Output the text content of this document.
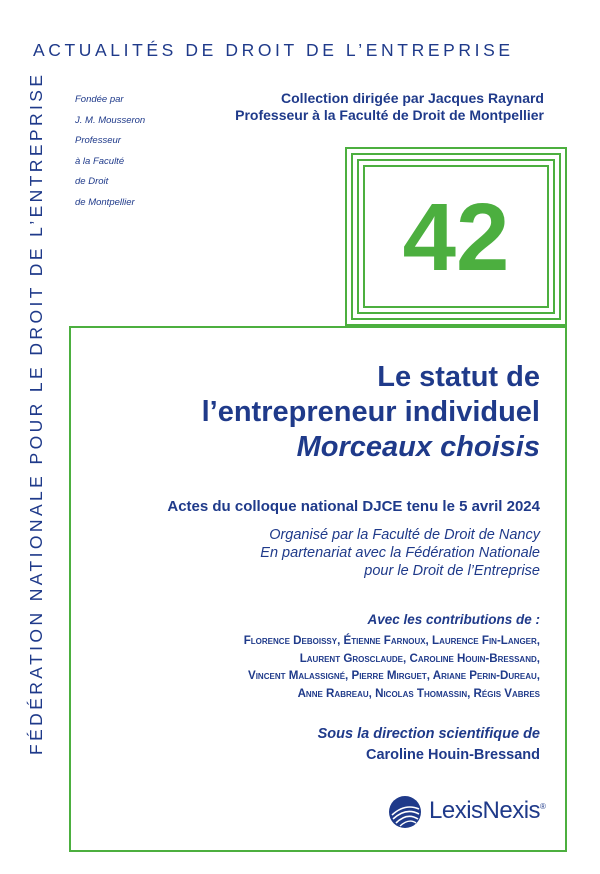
ACTUALITÉS DE DROIT DE L’ENTREPRISE
FÉDÉRATION NATIONALE POUR LE DROIT DE L’ENTREPRISE	Fondée par
J. M. Mousseron
Professeur
à la Faculté
de Droit
de Montpellier
Collection dirigée par Jacques Raynard
Professeur à la Faculté de Droit de Montpellier
42
Le statut de
l’entrepreneur individuel
Morceaux choisis
Actes du colloque national DJCE tenu le 5 avril 2024
Organisé par la Faculté de Droit de Nancy
En partenariat avec la Fédération Nationale
pour le Droit de l’Entreprise
Avec les contributions de :
Florence Deboissy, Étienne Farnoux, Laurence Fin-Langer,
Laurent Grosclaude, Caroline Houin-Bressand,
Vincent Malassigné, Pierre Mirguet, Ariane Perin-Dureau,
Anne Rabreau, Nicolas Thomassin, Régis Vabres
Sous la direction scientifique de
Caroline Houin-Bressand
LexisNexis®
